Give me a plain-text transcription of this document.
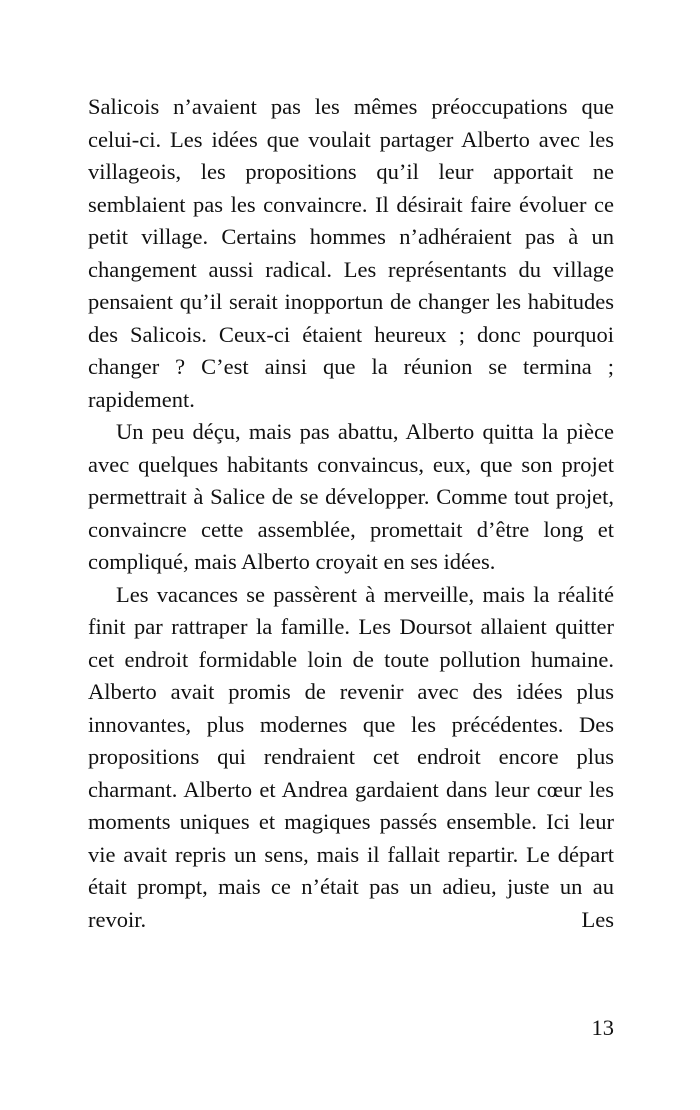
Salicois n’avaient pas les mêmes préoccupations que celui-ci. Les idées que voulait partager Alberto avec les villageois, les propositions qu’il leur apportait ne semblaient pas les convaincre. Il désirait faire évoluer ce petit village. Certains hommes n’adhéraient pas à un changement aussi radical. Les représentants du village pensaient qu’il serait inopportun de changer les habitudes des Salicois. Ceux-ci étaient heureux ; donc pourquoi changer ? C’est ainsi que la réunion se termina ; rapidement.

Un peu déçu, mais pas abattu, Alberto quitta la pièce avec quelques habitants convaincus, eux, que son projet permettrait à Salice de se développer. Comme tout projet, convaincre cette assemblée, promettait d’être long et compliqué, mais Alberto croyait en ses idées.

Les vacances se passèrent à merveille, mais la réalité finit par rattraper la famille. Les Doursot allaient quitter cet endroit formidable loin de toute pollution humaine. Alberto avait promis de revenir avec des idées plus innovantes, plus modernes que les précédentes. Des propositions qui rendraient cet endroit encore plus charmant. Alberto et Andrea gardaient dans leur cœur les moments uniques et magiques passés ensemble. Ici leur vie avait repris un sens, mais il fallait repartir. Le départ était prompt, mais ce n’était pas un adieu, juste un au revoir. Les

13
